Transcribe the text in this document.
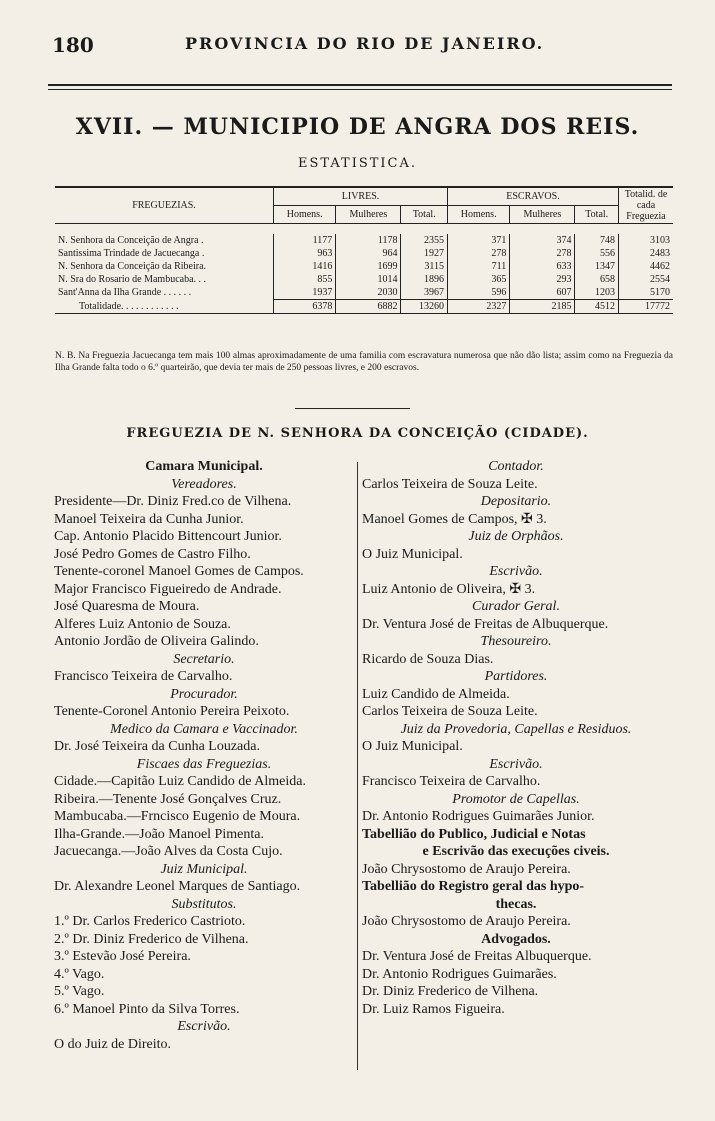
180	PROVINCIA DO RIO DE JANEIRO.
XVII. — MUNICIPIO DE ANGRA DOS REIS.
ESTATISTICA.
FREGUEZIAS.	LIVRES.			ESCRAVOS.			Totalid. de cada Freguezia
	Homens.	Mulheres	Total.	Homens.	Mulheres	Total.	

N. Senhora da Conceição de Angra .	1177	1178	2355	371	374	748	3103
Santissima Trindade de Jacuecanga .	963	964	1927	278	278	556	2483
N. Senhora da Conceição da Ribeira.	1416	1699	3115	711	633	1347	4462
N. Sra do Rosario de Mambucaba. . .	855	1014	1896	365	293	658	2554
Sant'Anna da Ilha Grande . . . . . .	1937	2030	3967	596	607	1203	5170
Totalidade. . . . . . . . . . . .	6378	6882	13260	2327	2185	4512	17772
N. B. Na Freguezia Jacuecanga tem mais 100 almas aproximadamente de uma familia com escravatura numerosa que não dão lista; assim como na Freguezia da Ilha Grande falta todo o 6.º quarteirão, que devia ter mais de 250 pessoas livres, e 200 escravos.
FREGUEZIA DE N. SENHORA DA CONCEIÇÃO (CIDADE).
Camara Municipal.
Vereadores.
Presidente—Dr. Diniz Fred.co de Vilhena.
Manoel Teixeira da Cunha Junior.
Cap. Antonio Placido Bittencourt Junior.
José Pedro Gomes de Castro Filho.
Tenente-coronel Manoel Gomes de Campos.
Major Francisco Figueiredo de Andrade.
José Quaresma de Moura.
Alferes Luiz Antonio de Souza.
Antonio Jordão de Oliveira Galindo.
Secretario.
Francisco Teixeira de Carvalho.
Procurador.
Tenente-Coronel Antonio Pereira Peixoto.
Medico da Camara e Vaccinador.
Dr. José Teixeira da Cunha Louzada.
Fiscaes das Freguezias.
Cidade.—Capitão Luiz Candido de Almeida.
Ribeira.—Tenente José Gonçalves Cruz.
Mambucaba.—Frncisco Eugenio de Moura.
Ilha-Grande.—João Manoel Pimenta.
Jacuecanga.—João Alves da Costa Cujo.
Juiz Municipal.
Dr. Alexandre Leonel Marques de Santiago.
Substitutos.
1.º Dr. Carlos Frederico Castrioto.
2.º Dr. Diniz Frederico de Vilhena.
3.º Estevão José Pereira.
4.º Vago.
5.º Vago.
6.º Manoel Pinto da Silva Torres.
Escrivão.
O do Juiz de Direito.
Contador.
Carlos Teixeira de Souza Leite.
Depositario.
Manoel Gomes de Campos, ✠ 3.
Juiz de Orphãos.
O Juiz Municipal.
Escrivão.
Luiz Antonio de Oliveira, ✠ 3.
Curador Geral.
Dr. Ventura José de Freitas de Albuquerque.
Thesoureiro.
Ricardo de Souza Dias.
Partidores.
Luiz Candido de Almeida.
Carlos Teixeira de Souza Leite.
Juiz da Provedoria, Capellas e Residuos.
O Juiz Municipal.
Escrivão.
Francisco Teixeira de Carvalho.
Promotor de Capellas.
Dr. Antonio Rodrigues Guimarães Junior.
Tabellião do Publico, Judicial e Notas
e Escrivão das execuções civeis.
João Chrysostomo de Araujo Pereira.
Tabellião do Registro geral das hypo-
thecas.
João Chrysostomo de Araujo Pereira.
Advogados.
Dr. Ventura José de Freitas Albuquerque.
Dr. Antonio Rodrigues Guimarães.
Dr. Diniz Frederico de Vilhena.
Dr. Luiz Ramos Figueira.
